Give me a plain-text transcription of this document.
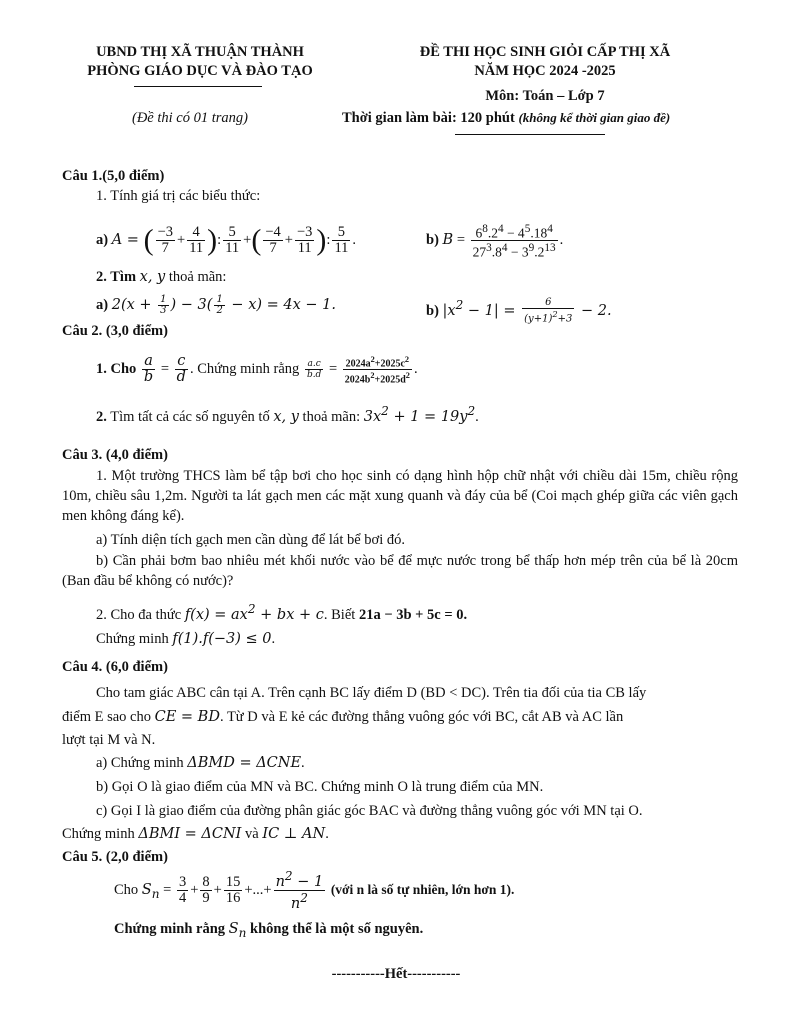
UBND THỊ XÃ THUẬN THÀNH
PHÒNG GIÁO DỤC VÀ ĐÀO TẠO
(Đề thi có 01 trang)
ĐỀ THI HỌC SINH GIỎI CẤP THỊ XÃ
NĂM HỌC 2024 -2025
Môn: Toán – Lớp 7
Thời gian làm bài: 120 phút (không kể thời gian giao đề)
Câu 1.(5,0 điểm)
1. Tính giá trị các biểu thức:
a) A = ( $\frac{-3}{7} + \frac{4}{11}$ ): $\frac{5}{11}$ +( $\frac{-4}{7} + \frac{-3}{11}$ ): $\frac{5}{11}$ .	b) $B = \frac{6^8.2^4 - 4^5.18^4}{27^3.8^4 - 3^9.2^{13}}$ .
2. Tìm x, y thoả mãn:
a) $2(x + \frac{1}{3}$ ) − $3( \frac{1}{2} - x) = 4x - 1$.	b) $|x^2 - 1| = \frac{6}{(y+1)^2+3} - 2$.
Câu 2. (3,0 điểm)
1. Cho $\frac{a}{b} = \frac{c}{d}$ . Chứng minh rằng $\frac{a.c}{b.d} = \frac{2024a^2+2025c^2}{2024b^2+2025d^2}$ .
2. Tìm tất cả các số nguyên tố x, y thoả mãn: $3x^2 + 1 = 19y^2$.
Câu 3. (4,0 điểm)
1. Một trường THCS làm bể tập bơi cho học sinh có dạng hình hộp chữ nhật với chiều dài 15m, chiều rộng 10m, chiều sâu 1,2m. Người ta lát gạch men các mặt xung quanh và đáy của bể (Coi mạch ghép giữa các viên gạch men không đáng kể).
a) Tính diện tích gạch men cần dùng để lát bể bơi đó.
b) Cần phải bơm bao nhiêu mét khối nước vào bể để mực nước trong bể thấp hơn mép trên của bể là 20cm (Ban đầu bể không có nước)?
2. Cho đa thức $f(x) = ax^2$ + bx + c. Biết 21a − 3b + 5c = 0.
Chứng minh f(1).f(−3) ≤ 0.
Câu 4. (6,0 điểm)
Cho tam giác ABC cân tại A. Trên cạnh BC lấy điểm D (BD < DC). Trên tia đối của tia CB lấy
điểm E sao cho CE = BD. Từ D và E kẻ các đường thẳng vuông góc với BC, cắt AB và AC lần
lượt tại M và N.
a) Chứng minh ΔBMD = ΔCNE.
b) Gọi O là giao điểm của MN và BC. Chứng minh O là trung điểm của MN.
c) Gọi I là giao điểm của đường phân giác góc BAC và đường thẳng vuông góc với MN tại O.
Chứng minh ΔBMI = ΔCNI và IC ⊥ AN.
Câu 5. (2,0 điểm)
Cho $S_n = \frac{3}{4} + \frac{8}{9} + \frac{15}{16}$ +...+ $\frac{n^2 - 1}{n^2}$ (với n là số tự nhiên, lớn hơn 1).
Chứng minh rằng $S_n$ không thể là một số nguyên.
-----------Hết-----------
